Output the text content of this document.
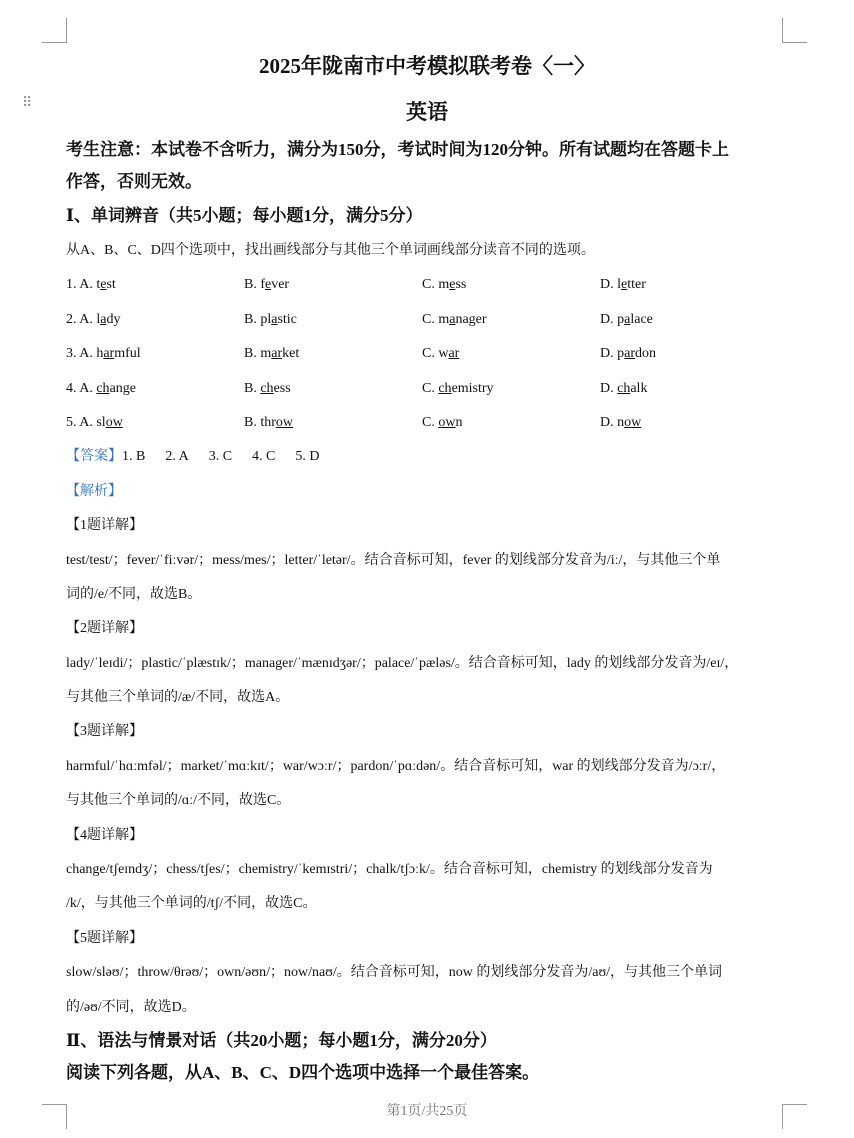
⠿
2025年陇南市中考模拟联考卷〈一〉
英语
考生注意：本试卷不含听力，满分为150分，考试时间为120分钟。所有试题均在答题卡上
作答，否则无效。
Ⅰ、单词辨音（共5小题；每小题1分，满分5分）
从A、B、C、D四个选项中，找出画线部分与其他三个单词画线部分读音不同的选项。
1. A. test	B. fever	C. mess	D. letter
2. A. lady	B. plastic	C. manager	D. palace
3. A. harmful	B. market	C. war	D. pardon
4. A. change	B. chess	C. chemistry	D. chalk
5. A. slow	B. throw	C. own	D. now
【答案】1. B 2. A 3. C 4. C 5. D
【解析】
【1题详解】
test/test/；fever/ˈfiːvər/；mess/mes/；letter/ˈletər/。结合音标可知，fever 的划线部分发音为/iː/，与其他三个单
词的/e/不同，故选B。
【2题详解】
lady/ˈleɪdi/；plastic/ˈplæstɪk/；manager/ˈmænɪdʒər/；palace/ˈpæləs/。结合音标可知，lady 的划线部分发音为/eɪ/，
与其他三个单词的/æ/不同，故选A。
【3题详解】
harmful/ˈhɑːmfəl/；market/ˈmɑːkɪt/；war/wɔːr/；pardon/ˈpɑːdən/。结合音标可知，war 的划线部分发音为/ɔːr/，
与其他三个单词的/ɑː/不同，故选C。
【4题详解】
change/tʃeɪndʒ/；chess/tʃes/；chemistry/ˈkemɪstri/；chalk/tʃɔːk/。结合音标可知，chemistry 的划线部分发音为
/k/，与其他三个单词的/tʃ/不同，故选C。
【5题详解】
slow/sləʊ/；throw/θrəʊ/；own/əʊn/；now/naʊ/。结合音标可知，now 的划线部分发音为/aʊ/，与其他三个单词
的/əʊ/不同，故选D。
Ⅱ、语法与情景对话（共20小题；每小题1分，满分20分）
阅读下列各题，从A、B、C、D四个选项中选择一个最佳答案。
第1页/共25页
